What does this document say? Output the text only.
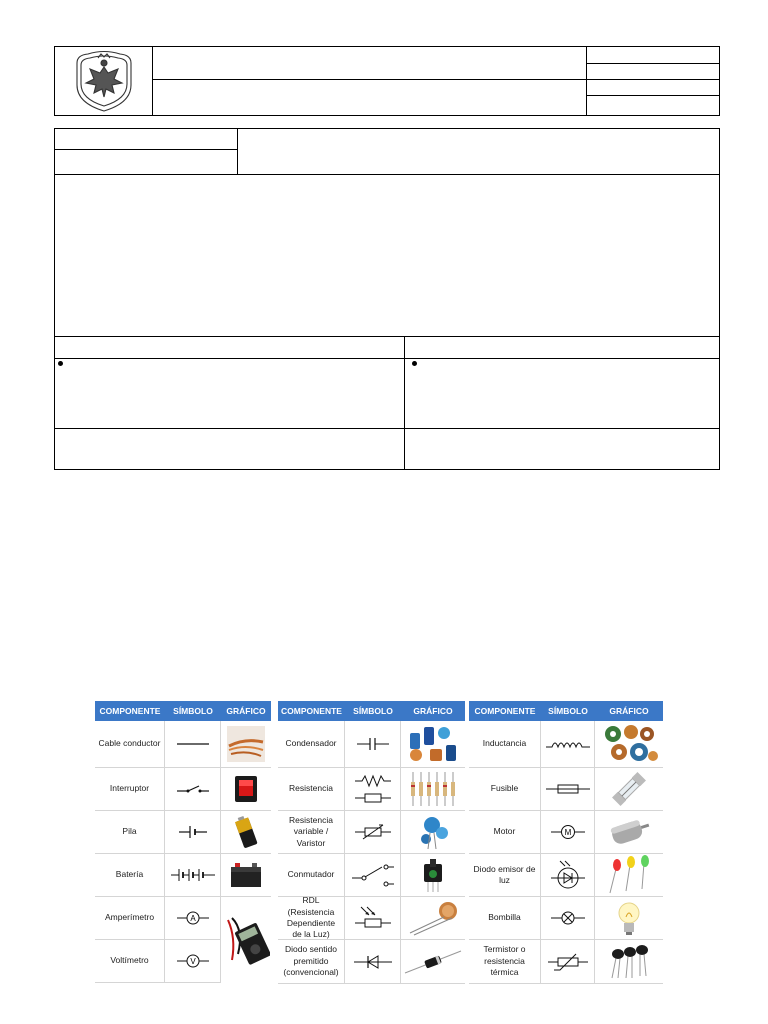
COMPONENTE	SÍMBOLO	GRÁFICO
Cable conductor
Interruptor
Pila
Batería
Amperímetro	A
Voltímetro	V
COMPONENTE	SÍMBOLO	GRÁFICO
Condensador
Resistencia
Resistencia variable / Varistor
Conmutador
RDL (Resistencia Dependiente de la Luz)
Diodo sentido premitido (convencional)
COMPONENTE	SÍMBOLO	GRÁFICO
Inductancia
Fusible
Motor	M
Diodo emisor de luz
Bombilla
Termistor o resistencia térmica
